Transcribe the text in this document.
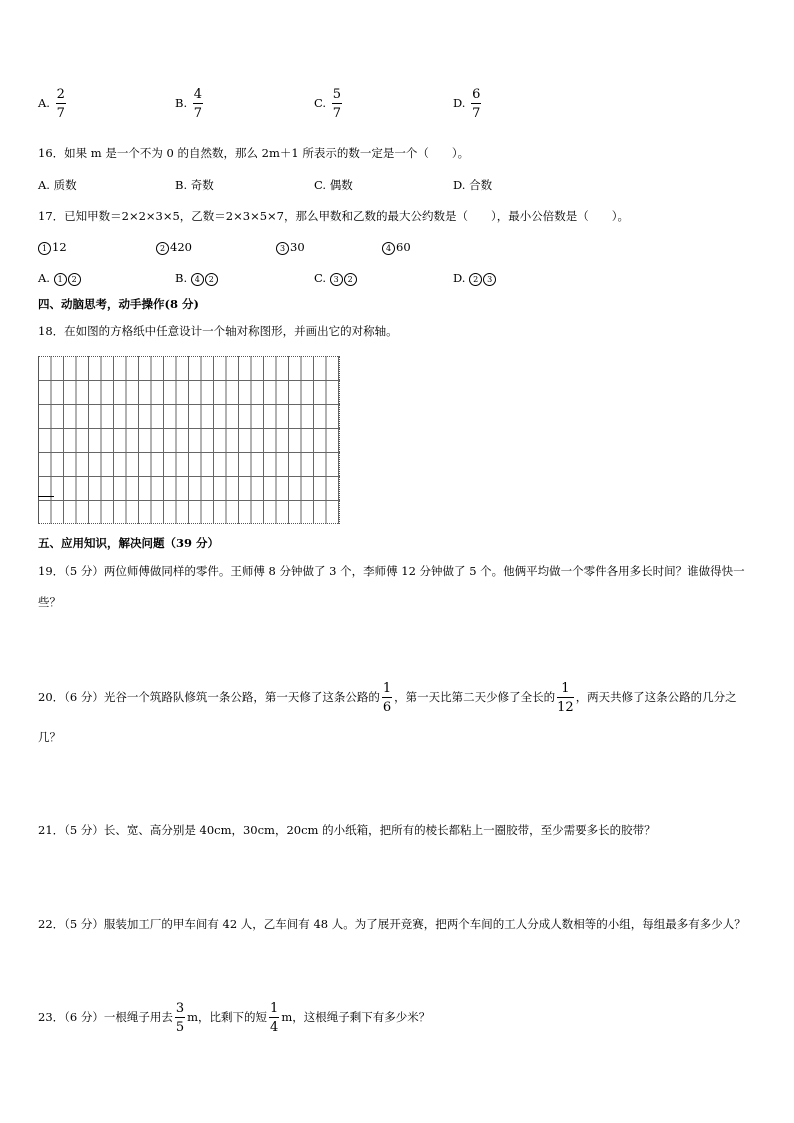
A. $\frac{2}{7}$	B. $\frac{4}{7}$	C. $\frac{5}{7}$	D. $\frac{6}{7}$
16．如果 m 是一个不为 0 的自然数，那么 2m＋1 所表示的数一定是一个（　　）。
A. 质数	B. 奇数	C. 偶数	D. 合数
17．已知甲数＝2×2×3×5，乙数＝2×3×5×7，那么甲数和乙数的最大公约数是（　　），最小公倍数是（　　）。
1 12	2 420	3 30	4 60
A. 1 2	B. 4 2	C. 3 2	D. 2 3
四、动脑思考，动手操作(8 分)
18．在如图的方格纸中任意设计一个轴对称图形，并画出它的对称轴。
五、应用知识，解决问题（39 分）
19．（5 分）两位师傅做同样的零件。王师傅 8 分钟做了 3 个，李师傅 12 分钟做了 5 个。他俩平均做一个零件各用多长时间？谁做得快一
些？
20．（6 分）光谷一个筑路队修筑一条公路，第一天修了这条公路的 $\frac{1}{6}$ ，第一天比第二天少修了全长的 $\frac{1}{12}$ ，两天共修了这条公路的几分之
几？
21．（5 分）长、宽、高分别是 40cm，30cm，20cm 的小纸箱，把所有的棱长都粘上一圈胶带，至少需要多长的胶带？
22．（5 分）服装加工厂的甲车间有 42 人，乙车间有 48 人。为了展开竞赛，把两个车间的工人分成人数相等的小组，每组最多有多少人？
23．（6 分）一根绳子用去 $\frac{3}{5}$ m，比剩下的短 $\frac{1}{4}$ m，这根绳子剩下有多少米？
